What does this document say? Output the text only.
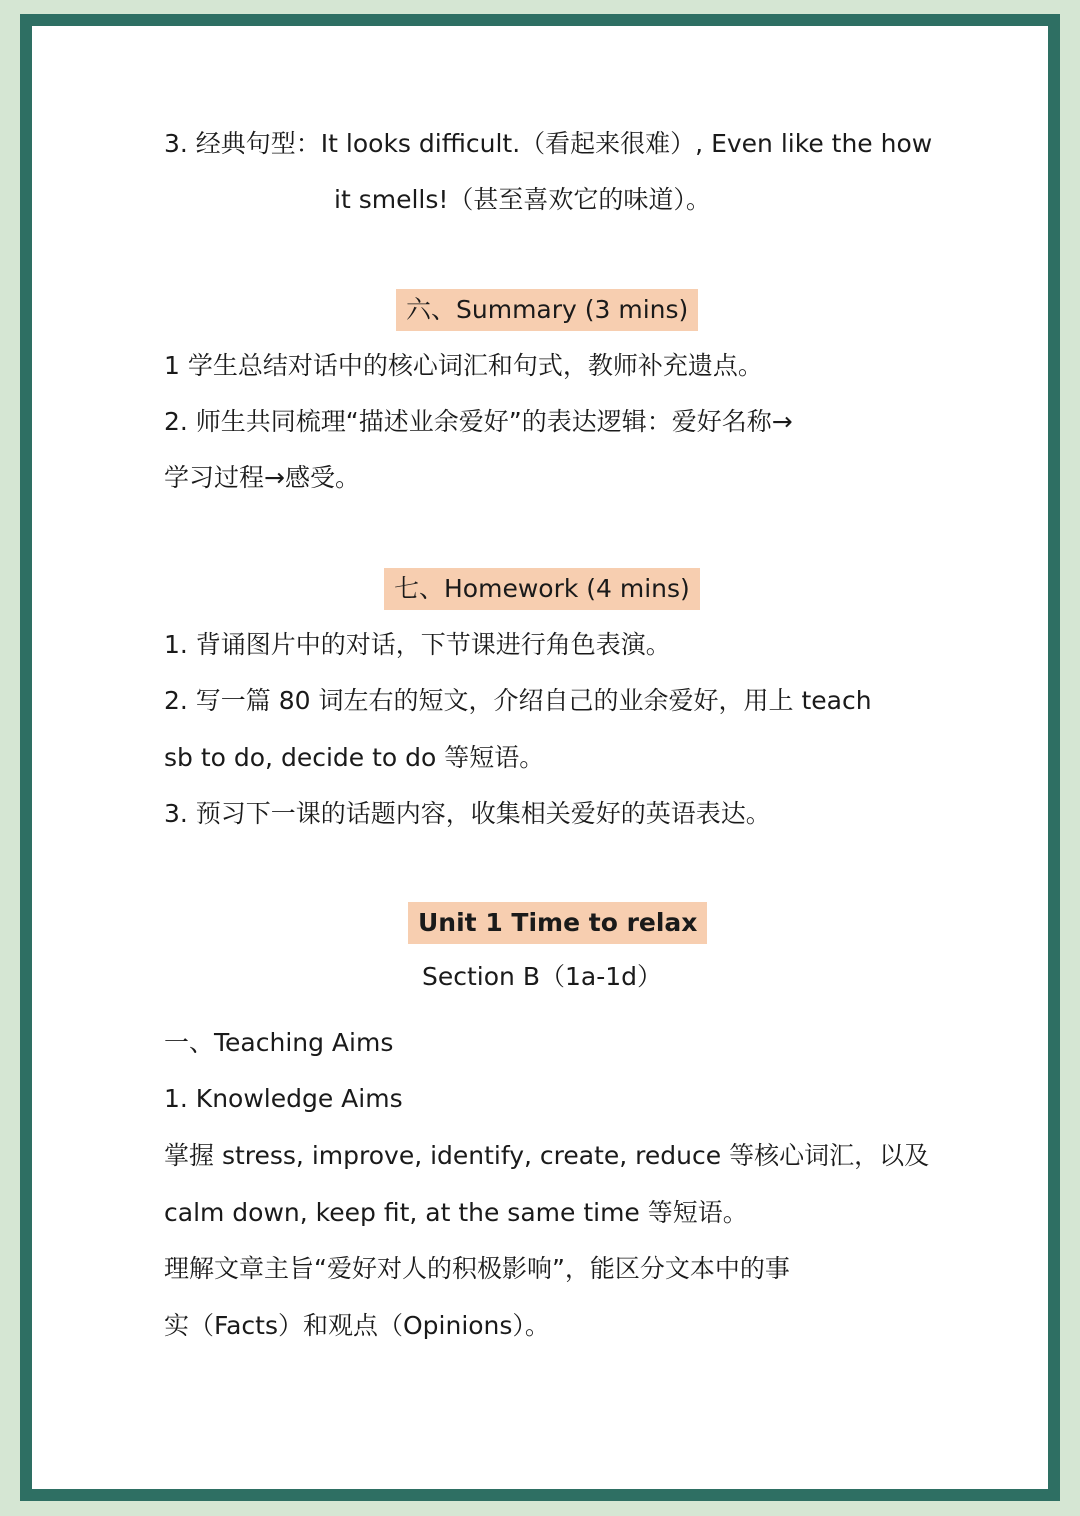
3. 经典句型：It looks difficult.（看起来很难）, Even like the how
it smells!（甚至喜欢它的味道）。
六、Summary (3 mins)
1 学生总结对话中的核心词汇和句式，教师补充遗点。
2. 师生共同梳理“描述业余爱好”的表达逻辑：爱好名称→
学习过程→感受。
七、Homework (4 mins)
1. 背诵图片中的对话，下节课进行角色表演。
2. 写一篇 80 词左右的短文，介绍自己的业余爱好，用上 teach
sb to do, decide to do 等短语。
3. 预习下一课的话题内容，收集相关爱好的英语表达。
Unit 1 Time to relax
Section B（1a-1d）
一、Teaching Aims
1. Knowledge Aims
掌握 stress, improve, identify, create, reduce 等核心词汇，以及
calm down, keep fit, at the same time 等短语。
理解文章主旨“爱好对人的积极影响”，能区分文本中的事
实（Facts）和观点（Opinions）。
